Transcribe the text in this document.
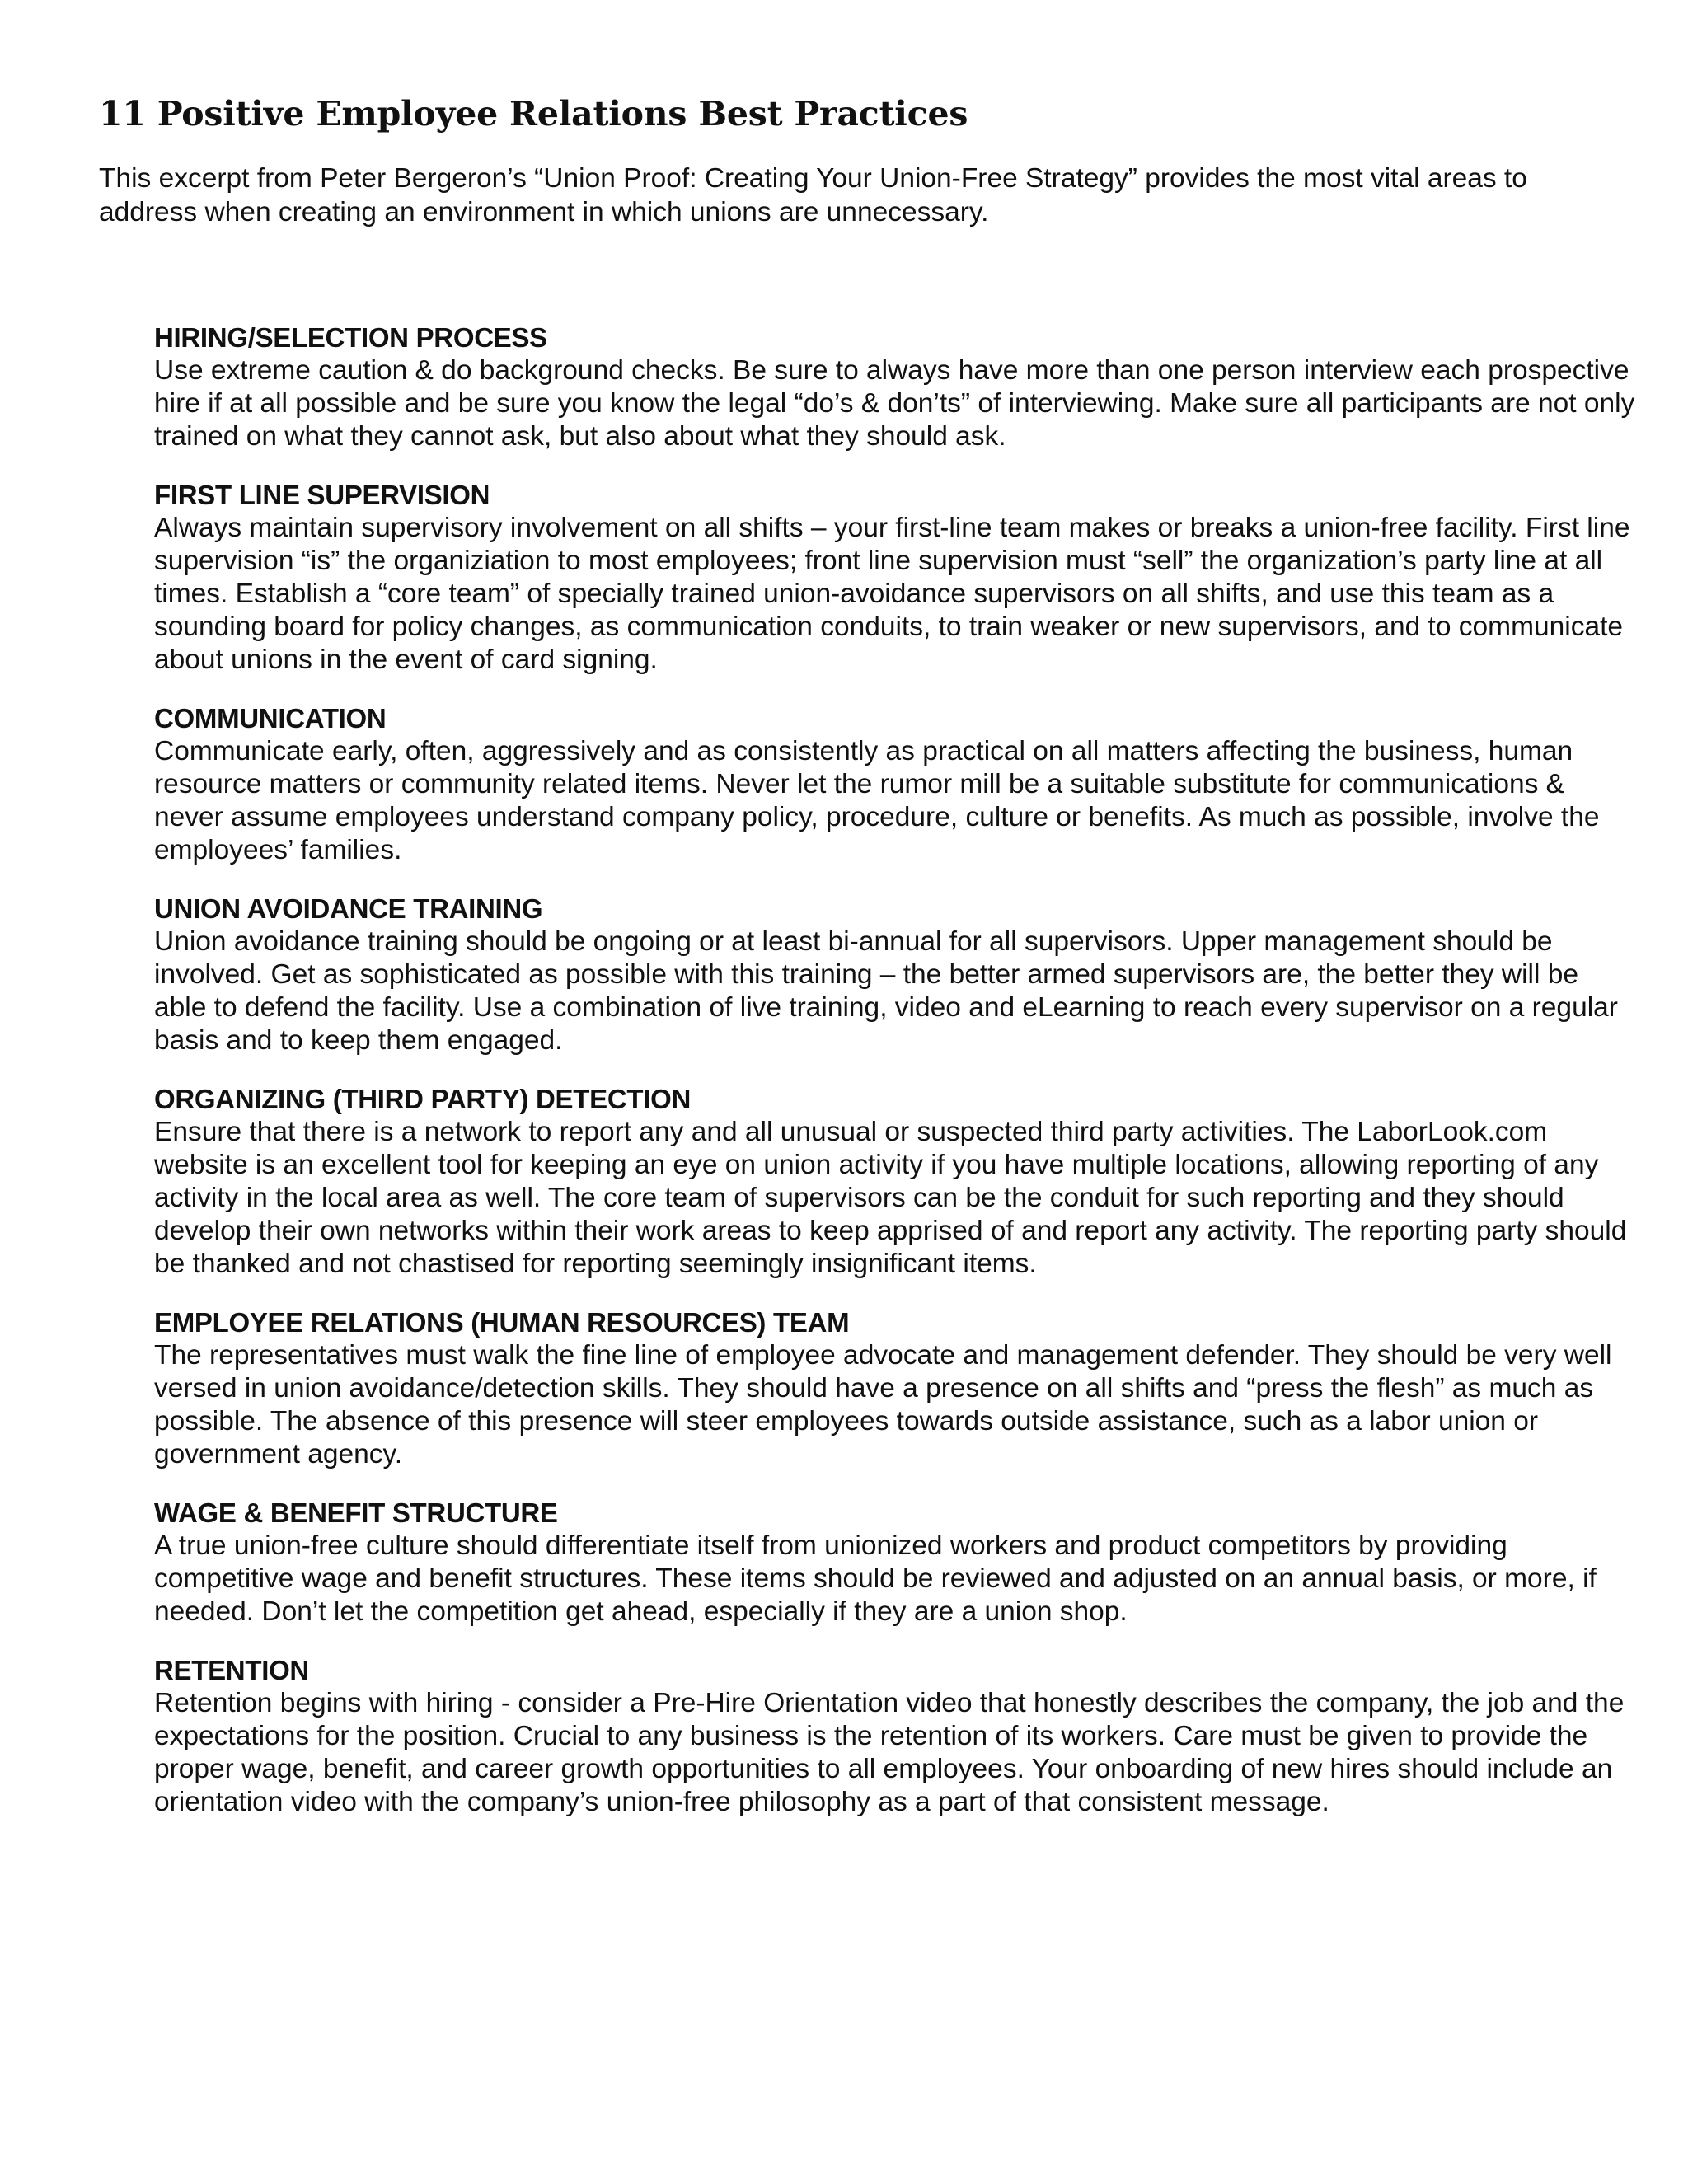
11 Positive Employee Relations Best Practices

This excerpt from Peter Bergeron’s “Union Proof: Creating Your Union-Free Strategy” provides the most vital areas to address when creating an environment in which unions are unnecessary.

HIRING/SELECTION PROCESS

Use extreme caution & do background checks. Be sure to always have more than one person interview each prospective hire if at all possible and be sure you know the legal “do’s & don’ts” of interviewing. Make sure all participants are not only trained on what they cannot ask, but also about what they should ask.

FIRST LINE SUPERVISION

Always maintain supervisory involvement on all shifts – your first-line team makes or breaks a union-free facility. First line supervision “is” the organiziation to most employees; front line supervision must “sell” the organization’s party line at all times. Establish a “core team” of specially trained union-avoidance supervisors on all shifts, and use this team as a sounding board for policy changes, as communication conduits, to train weaker or new supervisors, and to communicate about unions in the event of card signing.

COMMUNICATION

Communicate early, often, aggressively and as consistently as practical on all matters affecting the business, human resource matters or community related items. Never let the rumor mill be a suitable substitute for communications & never assume employees understand company policy, procedure, culture or benefits. As much as possible, involve the employees’ families.

UNION AVOIDANCE TRAINING

Union avoidance training should be ongoing or at least bi-annual for all supervisors. Upper management should be involved. Get as sophisticated as possible with this training – the better armed supervisors are, the better they will be able to defend the facility. Use a combination of live training, video and eLearning to reach every supervisor on a regular basis and to keep them engaged.

ORGANIZING (THIRD PARTY) DETECTION

Ensure that there is a network to report any and all unusual or suspected third party activities. The LaborLook.com website is an excellent tool for keeping an eye on union activity if you have multiple locations, allowing reporting of any activity in the local area as well. The core team of supervisors can be the conduit for such reporting and they should develop their own networks within their work areas to keep apprised of and report any activity. The reporting party should be thanked and not chastised for reporting seemingly insignificant items.

EMPLOYEE RELATIONS (HUMAN RESOURCES) TEAM

The representatives must walk the fine line of employee advocate and management defender. They should be very well versed in union avoidance/detection skills. They should have a presence on all shifts and “press the flesh” as much as possible. The absence of this presence will steer employees towards outside assistance, such as a labor union or government agency.

WAGE & BENEFIT STRUCTURE

A true union-free culture should differentiate itself from unionized workers and product competitors by providing competitive wage and benefit structures. These items should be reviewed and adjusted on an annual basis, or more, if needed. Don’t let the competition get ahead, especially if they are a union shop.

RETENTION

Retention begins with hiring - consider a Pre-Hire Orientation video that honestly describes the company, the job and the expectations for the position. Crucial to any business is the retention of its workers. Care must be given to provide the proper wage, benefit, and career growth opportunities to all employees. Your onboarding of new hires should include an orientation video with the company’s union-free philosophy as a part of that consistent message.
